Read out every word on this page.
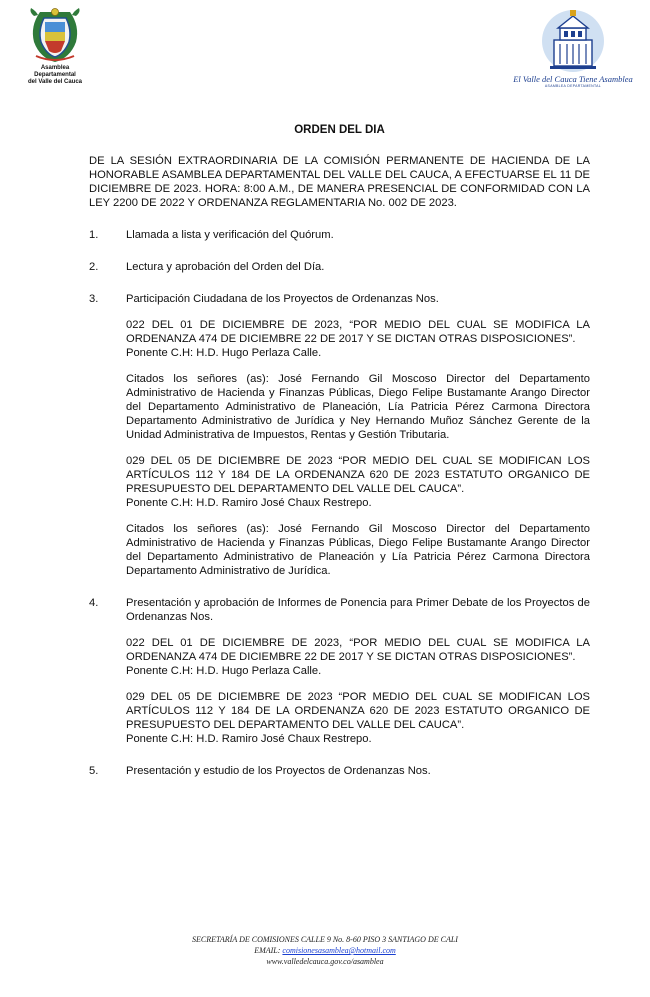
Asamblea Departamental
del Valle del Cauca	El Valle del Cauca Tiene Asamblea
ASAMBLEA DEPARTAMENTAL

ORDEN DEL DIA

DE LA SESIÓN EXTRAORDINARIA DE LA COMISIÓN PERMANENTE DE HACIENDA DE LA HONORABLE ASAMBLEA DEPARTAMENTAL DEL VALLE DEL CAUCA, A EFECTUARSE EL 11 DE DICIEMBRE DE 2023. HORA: 8:00 A.M., DE MANERA PRESENCIAL DE CONFORMIDAD CON LA LEY 2200 DE 2022 Y ORDENANZA REGLAMENTARIA No. 002 DE 2023.

1. Llamada a lista y verificación del Quórum.

2. Lectura y aprobación del Orden del Día.

3. Participación Ciudadana de los Proyectos de Ordenanzas Nos.

022 DEL 01 DE DICIEMBRE DE 2023, “POR MEDIO DEL CUAL SE MODIFICA LA ORDENANZA 474 DE DICIEMBRE 22 DE 2017 Y SE DICTAN OTRAS DISPOSICIONES”.

Ponente C.H: H.D. Hugo Perlaza Calle.

Citados los señores (as): José Fernando Gil Moscoso Director del Departamento Administrativo de Hacienda y Finanzas Públicas, Diego Felipe Bustamante Arango Director del Departamento Administrativo de Planeación, Lía Patricia Pérez Carmona Directora Departamento Administrativo de Jurídica y Ney Hernando Muñoz Sánchez Gerente de la Unidad Administrativa de Impuestos, Rentas y Gestión Tributaria.

029 DEL 05 DE DICIEMBRE DE 2023 “POR MEDIO DEL CUAL SE MODIFICAN LOS ARTÍCULOS 112 Y 184 DE LA ORDENANZA 620 DE 2023 ESTATUTO ORGANICO DE PRESUPUESTO DEL DEPARTAMENTO DEL VALLE DEL CAUCA”.

Ponente C.H: H.D. Ramiro José Chaux Restrepo.

Citados los señores (as): José Fernando Gil Moscoso Director del Departamento Administrativo de Hacienda y Finanzas Públicas, Diego Felipe Bustamante Arango Director del Departamento Administrativo de Planeación y Lía Patricia Pérez Carmona Directora Departamento Administrativo de Jurídica.

4. Presentación y aprobación de Informes de Ponencia para Primer Debate de los Proyectos de Ordenanzas Nos.

022 DEL 01 DE DICIEMBRE DE 2023, “POR MEDIO DEL CUAL SE MODIFICA LA ORDENANZA 474 DE DICIEMBRE 22 DE 2017 Y SE DICTAN OTRAS DISPOSICIONES”.

Ponente C.H: H.D. Hugo Perlaza Calle.

029 DEL 05 DE DICIEMBRE DE 2023 “POR MEDIO DEL CUAL SE MODIFICAN LOS ARTÍCULOS 112 Y 184 DE LA ORDENANZA 620 DE 2023 ESTATUTO ORGANICO DE PRESUPUESTO DEL DEPARTAMENTO DEL VALLE DEL CAUCA”.

Ponente C.H: H.D. Ramiro José Chaux Restrepo.

5. Presentación y estudio de los Proyectos de Ordenanzas Nos.

SECRETARÍA DE COMISIONES CALLE 9 No. 8-60 PISO 3 SANTIAGO DE CALI
EMAIL: comisionesasamblea@hotmail.com
www.valledelcauca.gov.co/asamblea
